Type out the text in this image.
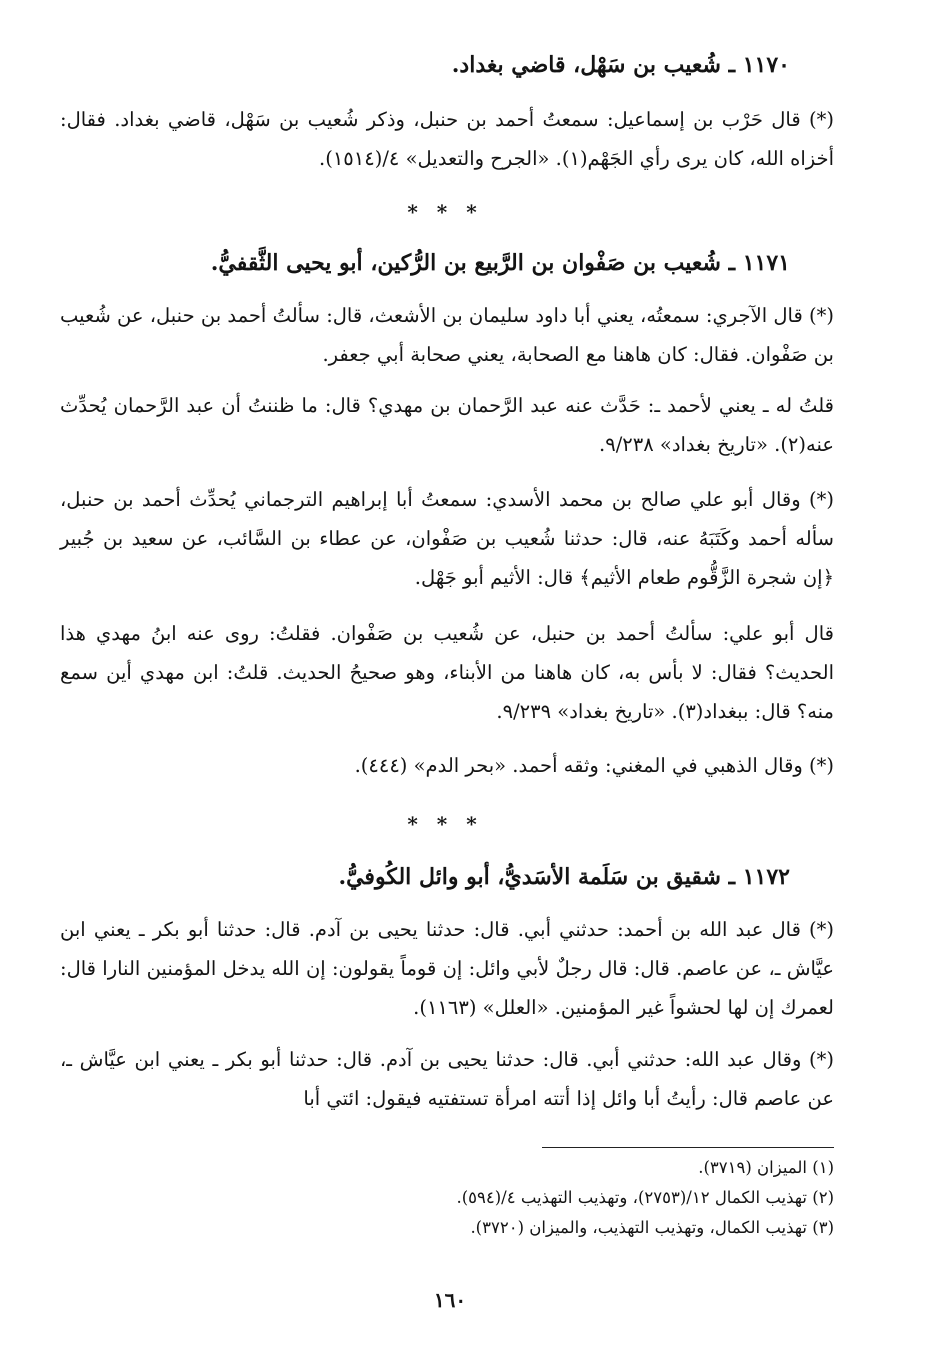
١١٧٠ ـ شُعيب بن سَهْل، قاضي بغداد.
(*) قال حَرْب بن إسماعيل: سمعتُ أحمد بن حنبل، وذكر شُعيب بن سَهْل، قاضي بغداد. فقال: أخزاه الله، كان يرى رأي الجَهْم(١). «الجرح والتعديل» ٤/(١٥١٤).
* * *
١١٧١ ـ شُعيب بن صَفْوان بن الرَّبيع بن الرُّكين، أبو يحيى الثَّقفيُّ.
(*) قال الآجري: سمعتُه، يعني أبا داود سليمان بن الأشعث، قال: سألتُ أحمد بن حنبل، عن شُعيب بن صَفْوان. فقال: كان هاهنا مع الصحابة، يعني صحابة أبي جعفر.
قلتُ له ـ يعني لأحمد ـ: حَدَّث عنه عبد الرَّحمان بن مهدي؟ قال: ما ظننتُ أن عبد الرَّحمان يُحدِّث عنه(٢). «تاريخ بغداد» ٩/٢٣٨.
(*) وقال أبو علي صالح بن محمد الأسدي: سمعتُ أبا إبراهيم الترجماني يُحدِّث أحمد بن حنبل، سأله أحمد وكَتَبَهُ عنه، قال: حدثنا شُعيب بن صَفْوان، عن عطاء بن السَّائب، عن سعيد بن جُبير ﴿إن شجرة الزَّقُّوم طعام الأثيم﴾ قال: الأثيم أبو جَهْل.
قال أبو علي: سألتُ أحمد بن حنبل، عن شُعيب بن صَفْوان. فقلتُ: روى عنه ابنُ مهدي هذا الحديث؟ فقال: لا بأس به، كان هاهنا من الأبناء، وهو صحيحُ الحديث. قلتُ: ابن مهدي أين سمع منه؟ قال: ببغداد(٣). «تاريخ بغداد» ٩/٢٣٩.
(*) وقال الذهبي في المغني: وثقه أحمد. «بحر الدم» (٤٤٤).
* * *
١١٧٢ ـ شقيق بن سَلَمة الأسَديُّ، أبو وائل الكُوفيُّ.
(*) قال عبد الله بن أحمد: حدثني أبي. قال: حدثنا يحيى بن آدم. قال: حدثنا أبو بكر ـ يعني ابن عيَّاش ـ، عن عاصم. قال: قال رجلٌ لأبي وائل: إن قوماً يقولون: إن الله يدخل المؤمنين النارا قال: لعمرك إن لها لحشواً غير المؤمنين. «العلل» (١١٦٣).
(*) وقال عبد الله: حدثني أبي. قال: حدثنا يحيى بن آدم. قال: حدثنا أبو بكر ـ يعني ابن عيَّاش ـ، عن عاصم قال: رأيتُ أبا وائل إذا أتته امرأة تستفتيه فيقول: ائتي أبا
(١) الميزان (٣٧١٩).
(٢) تهذيب الكمال ١٢/(٢٧٥٣)، وتهذيب التهذيب ٤/(٥٩٤).
(٣) تهذيب الكمال، وتهذيب التهذيب، والميزان (٣٧٢٠).
١٦٠
